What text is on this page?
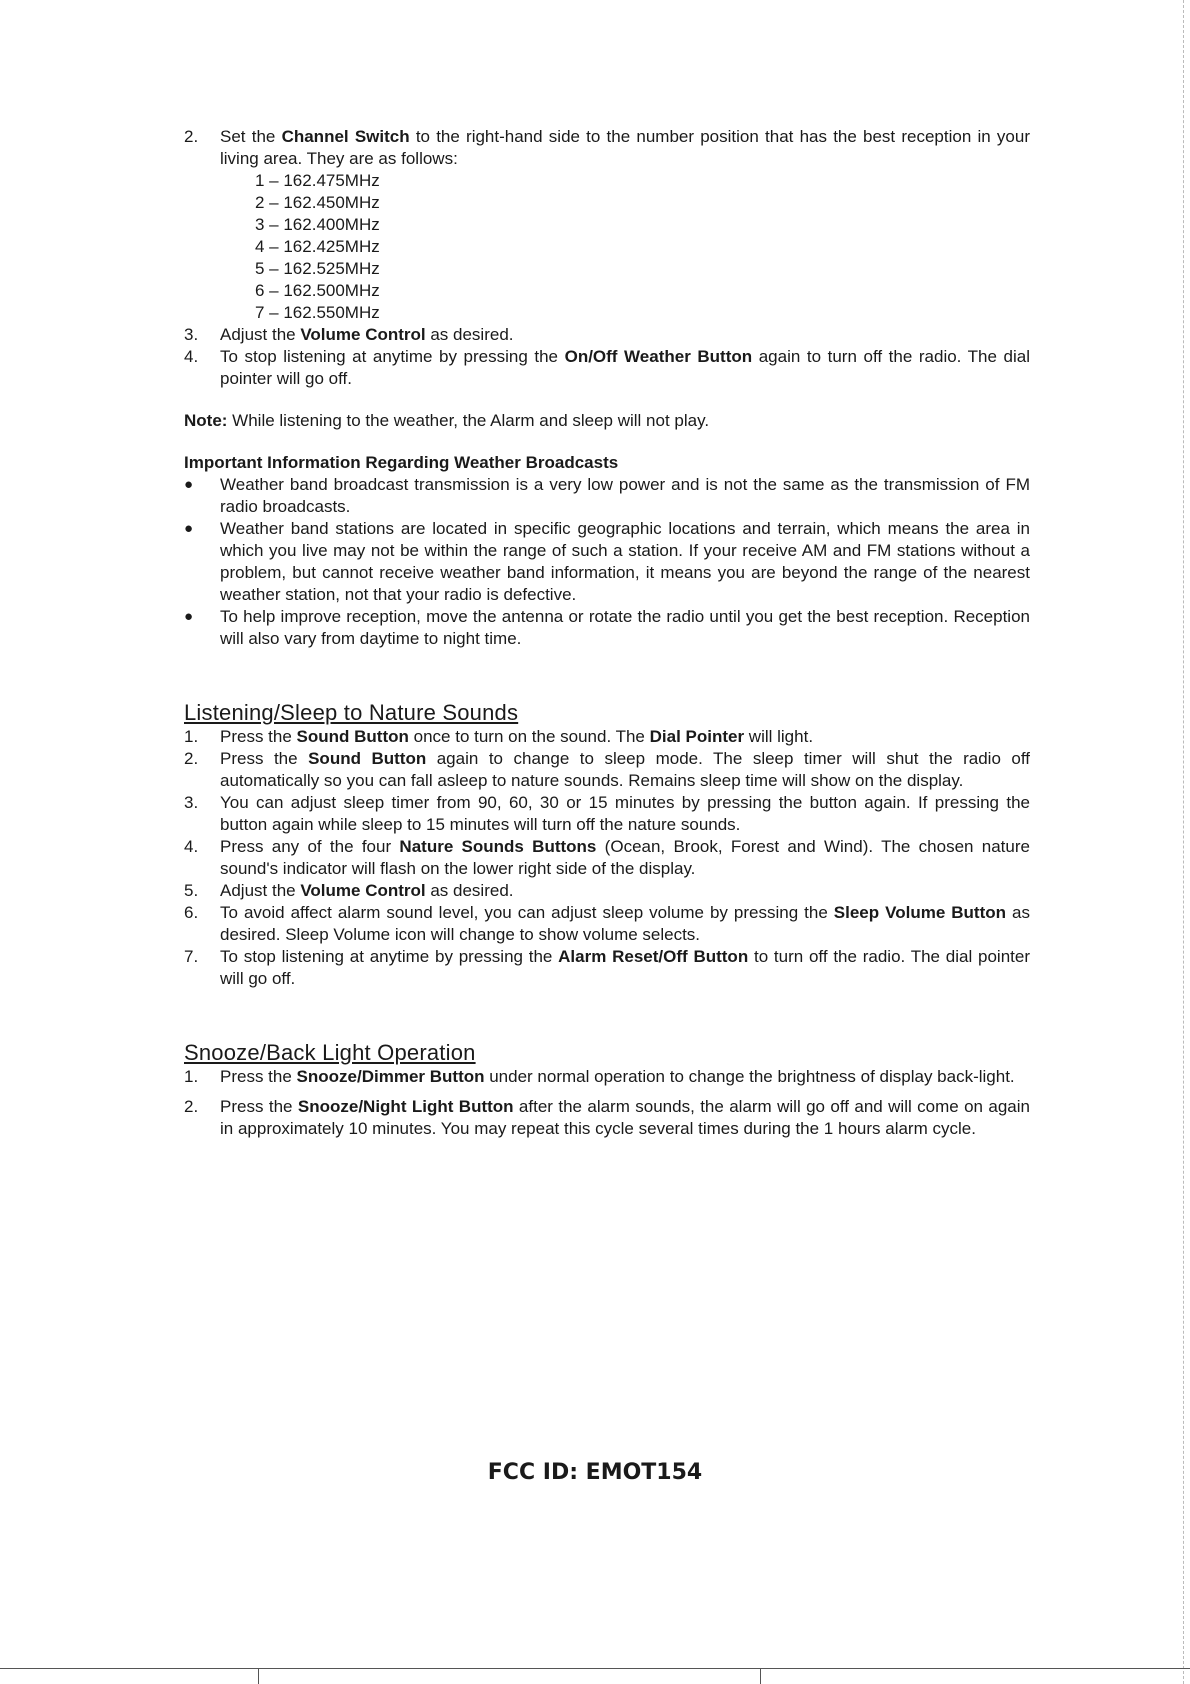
2. Set the Channel Switch to the right-hand side to the number position that has the best reception in your living area. They are as follows:
1 – 162.475MHz
2 – 162.450MHz
3 – 162.400MHz
4 – 162.425MHz
5 – 162.525MHz
6 – 162.500MHz
7 – 162.550MHz
3. Adjust the Volume Control as desired.
4. To stop listening at anytime by pressing the On/Off Weather Button again to turn off the radio. The dial pointer will go off.
Note: While listening to the weather, the Alarm and sleep will not play.
Important Information Regarding Weather Broadcasts
● Weather band broadcast transmission is a very low power and is not the same as the transmission of FM radio broadcasts.
● Weather band stations are located in specific geographic locations and terrain, which means the area in which you live may not be within the range of such a station. If your receive AM and FM stations without a problem, but cannot receive weather band information, it means you are beyond the range of the nearest weather station, not that your radio is defective.
● To help improve reception, move the antenna or rotate the radio until you get the best reception. Reception will also vary from daytime to night time.
Listening/Sleep to Nature Sounds
1. Press the Sound Button once to turn on the sound. The Dial Pointer will light.
2. Press the Sound Button again to change to sleep mode. The sleep timer will shut the radio off automatically so you can fall asleep to nature sounds. Remains sleep time will show on the display.
3. You can adjust sleep timer from 90, 60, 30 or 15 minutes by pressing the button again. If pressing the button again while sleep to 15 minutes will turn off the nature sounds.
4. Press any of the four Nature Sounds Buttons (Ocean, Brook, Forest and Wind). The chosen nature sound's indicator will flash on the lower right side of the display.
5. Adjust the Volume Control as desired.
6. To avoid affect alarm sound level, you can adjust sleep volume by pressing the Sleep Volume Button as desired. Sleep Volume icon will change to show volume selects.
7. To stop listening at anytime by pressing the Alarm Reset/Off Button to turn off the radio. The dial pointer will go off.
Snooze/Back Light Operation
1. Press the Snooze/Dimmer Button under normal operation to change the brightness of display back-light.
2. Press the Snooze/Night Light Button after the alarm sounds, the alarm will go off and will come on again in approximately 10 minutes. You may repeat this cycle several times during the 1 hours alarm cycle.
FCC ID: EMOT154
